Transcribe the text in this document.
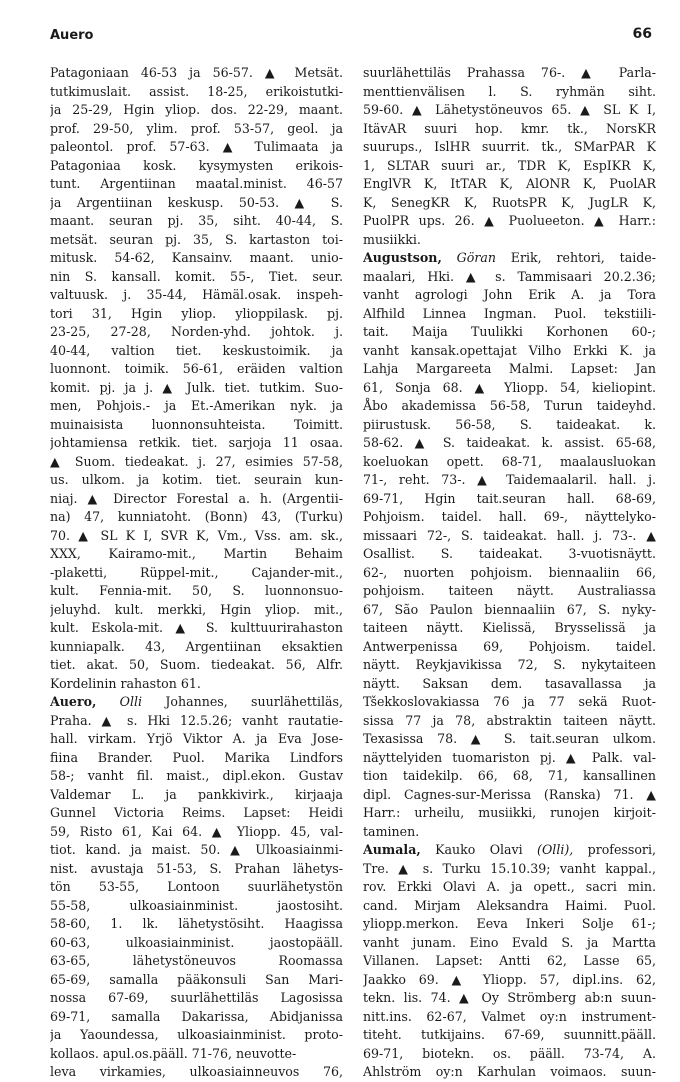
Auero	66
Patagoniaan 46-53 ja 56-57. ▲ Metsät.
tutkimuslait. assist. 18-25, erikoistutki-
ja 25-29, Hgin yliop. dos. 22-29, maant.
prof. 29-50, ylim. prof. 53-57, geol. ja
paleontol. prof. 57-63. ▲ Tulimaata ja
Patagoniaa kosk. kysymysten erikois-
tunt. Argentiinan maatal.minist. 46-57
ja Argentiinan keskusp. 50-53. ▲ S.
maant. seuran pj. 35, siht. 40-44, S.
metsät. seuran pj. 35, S. kartaston toi-
mitusk. 54-62, Kansainv. maant. unio-
nin S. kansall. komit. 55-, Tiet. seur.
valtuusk. j. 35-44, Hämäl.osak. inspeh-
tori 31, Hgin yliop. ylioppilask. pj.
23-25, 27-28, Norden-yhd. johtok. j.
40-44, valtion tiet. keskustoimik. ja
luonnont. toimik. 56-61, eräiden valtion
komit. pj. ja j. ▲ Julk. tiet. tutkim. Suo-
men, Pohjois.- ja Et.-Amerikan nyk. ja
muinaisista luonnonsuhteista. Toimitt.
johtamiensa retkik. tiet. sarjoja 11 osaa.
▲ Suom. tiedeakat. j. 27, esimies 57-58,
us. ulkom. ja kotim. tiet. seurain kun-
niaj. ▲ Director Forestal a. h. (Argentii-
na) 47, kunniatoht. (Bonn) 43, (Turku)
70. ▲ SL K I, SVR K, Vm., Vss. am. sk.,
XXX, Kairamo-mit., Martin Behaim
-plaketti, Rüppel-mit., Cajander-mit.,
kult. Fennia-mit. 50, S. luonnonsuo-
jeluyhd. kult. merkki, Hgin yliop. mit.,
kult. Eskola-mit. ▲ S. kulttuurirahaston
kunniapalk. 43, Argentiinan eksaktien
tiet. akat. 50, Suom. tiedeakat. 56, Alfr.
Kordelinin rahaston 61.
Auero, Olli Johannes, suurlähettiläs,
Praha. ▲ s. Hki 12.5.26; vanht rautatie-
hall. virkam. Yrjö Viktor A. ja Eva Jose-
fiina Brander. Puol. Marika Lindfors
58-; vanht fil. maist., dipl.ekon. Gustav
Valdemar L. ja pankkivirk., kirjaaja
Gunnel Victoria Reims. Lapset: Heidi
59, Risto 61, Kai 64. ▲ Yliopp. 45, val-
tiot. kand. ja maist. 50. ▲ Ulkoasiainmi-
nist. avustaja 51-53, S. Prahan lähetys-
tön 53-55, Lontoon suurlähetystön
55-58, ulkoasiainminist. jaostosiht.
58-60, 1. lk. lähetystösiht. Haagissa
60-63, ulkoasiainminist. jaostopääll.
63-65, lähetystöneuvos Roomassa
65-69, samalla pääkonsuli San Mari-
nossa 67-69, suurlähettiläs Lagosissa
69-71, samalla Dakarissa, Abidjanissa
ja Yaoundessa, ulkoasiainminist. proto-
kollaos. apul.os.pääll. 71-76, neuvotte-
leva virkamies, ulkoasiainneuvos 76,
suurlähettiläs Prahassa 76-. ▲ Parla-
menttienvälisen l. S. ryhmän siht.
59-60. ▲ Lähetystöneuvos 65. ▲ SL K I,
ItävAR suuri hop. kmr. tk., NorsKR
suurups., IslHR suurrit. tk., SMarPAR K
1, SLTAR suuri ar., TDR K, EspIKR K,
EnglVR K, ItTAR K, AlONR K, PuolAR
K, SenegKR K, RuotsPR K, JugLR K,
PuolPR ups. 26. ▲ Puolueeton. ▲ Harr.:
musiikki.
Augustson, Göran Erik, rehtori, taide-
maalari, Hki. ▲ s. Tammisaari 20.2.36;
vanht agrologi John Erik A. ja Tora
Alfhild Linnea Ingman. Puol. tekstiili-
tait. Maija Tuulikki Korhonen 60-;
vanht kansak.opettajat Vilho Erkki K. ja
Lahja Margareeta Malmi. Lapset: Jan
61, Sonja 68. ▲ Yliopp. 54, kieliopint.
Åbo akademissa 56-58, Turun taideyhd.
piirustusk. 56-58, S. taideakat. k.
58-62. ▲ S. taideakat. k. assist. 65-68,
koeluokan opett. 68-71, maalausluokan
71-, reht. 73-. ▲ Taidemaalaril. hall. j.
69-71, Hgin tait.seuran hall. 68-69,
Pohjoism. taidel. hall. 69-, näyttelyko-
missaari 72-, S. taideakat. hall. j. 73-. ▲
Osallist. S. taideakat. 3-vuotisnäytt.
62-, nuorten pohjoism. biennaaliin 66,
pohjoism. taiteen näytt. Australiassa
67, São Paulon biennaaliin 67, S. nyky-
taiteen näytt. Kielissä, Brysselissä ja
Antwerpenissa 69, Pohjoism. taidel.
näytt. Reykjavikissa 72, S. nykytaiteen
näytt. Saksan dem. tasavallassa ja
Tšekkoslovakiassa 76 ja 77 sekä Ruot-
sissa 77 ja 78, abstraktin taiteen näytt.
Texasissa 78. ▲ S. tait.seuran ulkom.
näyttelyiden tuomariston pj. ▲ Palk. val-
tion taidekilp. 66, 68, 71, kansallinen
dipl. Cagnes-sur-Merissa (Ranska) 71. ▲
Harr.: urheilu, musiikki, runojen kirjoit-
taminen.
Aumala, Kauko Olavi (Olli), professori,
Tre. ▲ s. Turku 15.10.39; vanht kappal.,
rov. Erkki Olavi A. ja opett., sacri min.
cand. Mirjam Aleksandra Haimi. Puol.
yliopp.merkon. Eeva Inkeri Solje 61-;
vanht junam. Eino Evald S. ja Martta
Villanen. Lapset: Antti 62, Lasse 65,
Jaakko 69. ▲ Yliopp. 57, dipl.ins. 62,
tekn. lis. 74. ▲ Oy Strömberg ab:n suun-
nitt.ins. 62-67, Valmet oy:n instrument-
titeht. tutkijains. 67-69, suunnitt.pääll.
69-71, biotekn. os. pääll. 73-74, A.
Ahlström oy:n Karhulan voimaos. suun-
